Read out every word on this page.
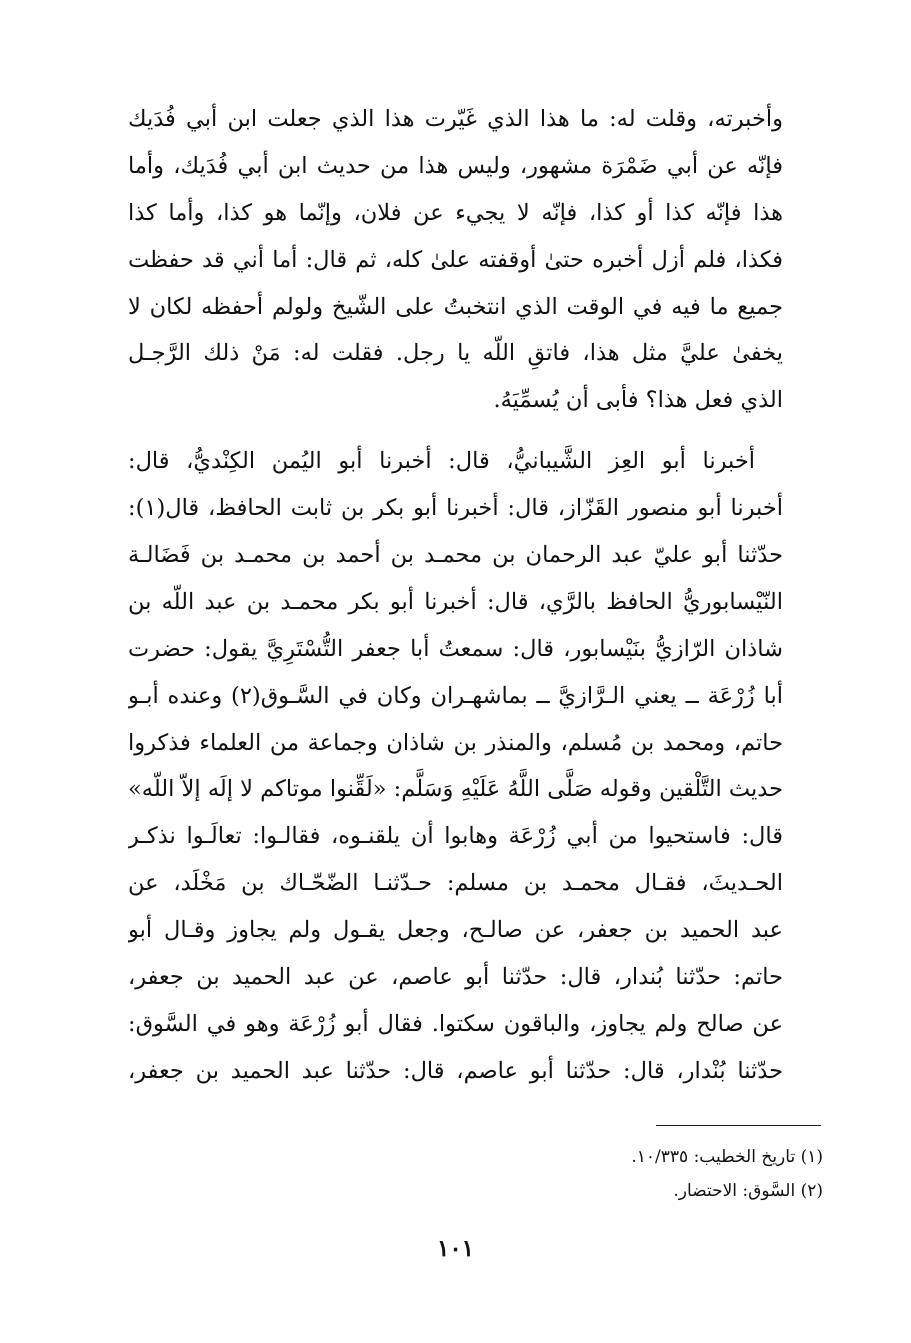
وأخبرته، وقلت له: ما هذا الذي غَيّرت هذا الذي جعلت ابن أبي فُدَيك
فإنّه عن أبي ضَمْرَة مشهور، وليس هذا من حديث ابن أبي فُدَيك، وأما
هذا فإنّه كذا أو كذا، فإنّه لا يجيء عن فلان، وإنّما هو كذا، وأما كذا
فكذا، فلم أزل أخبره حتىٰ أوقفته علىٰ كله، ثم قال: أما أني قد حفظت
جميع ما فيه في الوقت الذي انتخبتُ على الشّيخ ولولم أحفظه لكان لا
يخفىٰ عليَّ مثل هذا، فاتقِ اللّه يا رجل. فقلت له: مَنْ ذلك الرَّجـل
الذي فعل هذا؟ فأبى أن يُسمِّيَهُ.

أخبرنا أبو العِز الشَّيبانيُّ، قال: أخبرنا أبو اليُمن الكِنْديُّ، قال:
أخبرنا أبو منصور القَزّاز، قال: أخبرنا أبو بكر بن ثابت الحافظ، قال(١):
حدّثنا أبو عليّ عبد الرحمان بن محمـد بن أحمد بن محمـد بن فَضَالـة
النّيْسابوريُّ الحافظ بالرَّي، قال: أخبرنا أبو بكر محمـد بن عبد اللّه بن
شاذان الرّازيُّ بنَيْسابور، قال: سمعتُ أبا جعفر التُّسْتَرِيَّ يقول: حضرت
أبا زُرْعَة ــ يعني الـرَّازيَّ ــ بماشهـران وكان في السَّـوق(٢) وعنده أبـو
حاتم، ومحمد بن مُسلم، والمنذر بن شاذان وجماعة من العلماء فذكروا
حديث التَّلْقين وقوله صَلَّى اللَّهُ عَلَيْهِ وَسَلَّم: «لَقِّنوا موتاكم لا إلَه إلاّ اللّه»
قال: فاستحيوا من أبي زُرْعَة وهابوا أن يلقنـوه، فقالـوا: تعالَـوا نذكـر
الحـديثَ، فقـال محمـد بن مسلم: حـدّثنـا الضّحّـاك بن مَخْلَد، عن
عبد الحميد بن جعفر، عن صالـح، وجعل يقـول ولم يجاوز وقـال أبو
حاتم: حدّثنا بُندار، قال: حدّثنا أبو عاصم، عن عبد الحميد بن جعفر،
عن صالح ولم يجاوز، والباقون سكتوا. فقال أبو زُرْعَة وهو في السَّوق:
حدّثنا بُنْدار، قال: حدّثنا أبو عاصم، قال: حدّثنا عبد الحميد بن جعفر،

(١) تاريخ الخطيب: ١٠/٣٣٥.
(٢) السَّوق: الاحتضار.
١٠١
